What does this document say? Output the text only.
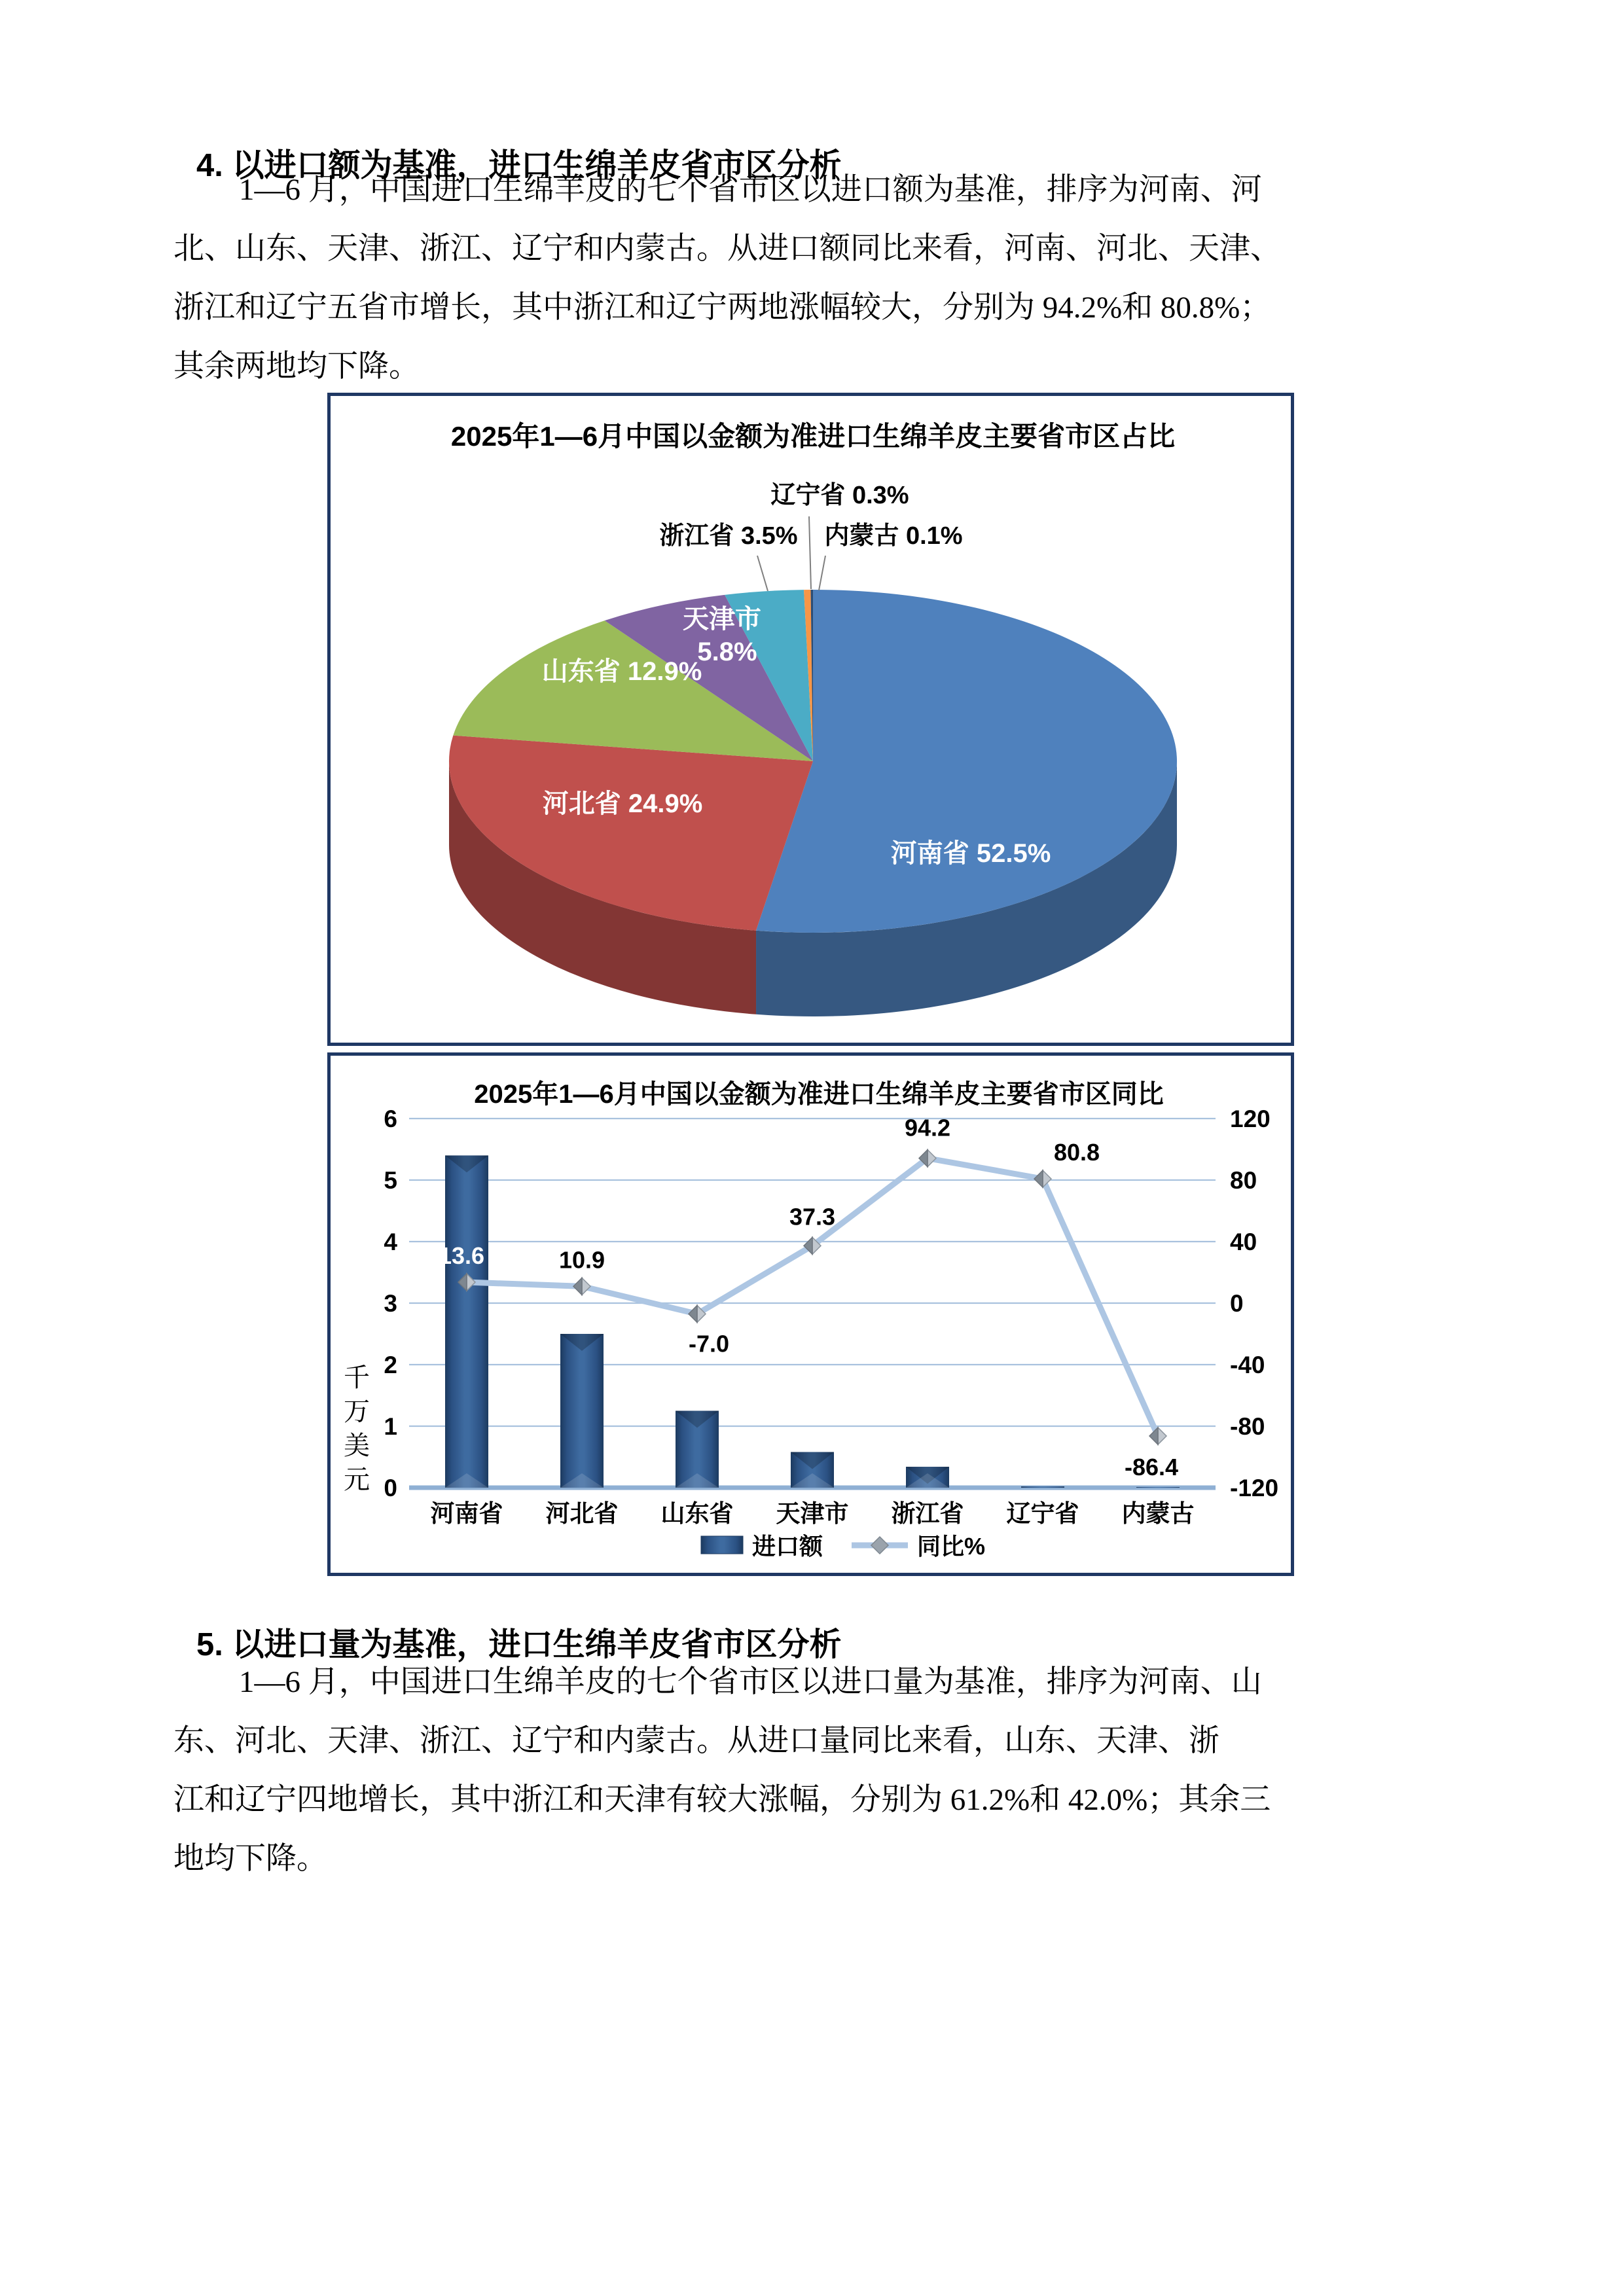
4. 以进口额为基准，进口生绵羊皮省市区分析
1—6 月，中国进口生绵羊皮的七个省市区以进口额为基准，排序为河南、河
北、山东、天津、浙江、辽宁和内蒙古。从进口额同比来看，河南、河北、天津、
浙江和辽宁五省市增长，其中浙江和辽宁两地涨幅较大，分别为 94.2%和 80.8%；
其余两地均下降。
2025年1—6月中国以金额为准进口生绵羊皮主要省市区占比
河南省 52.5%
河北省 24.9%
山东省 12.9%
天津市
5.8%
浙江省 3.5%
辽宁省 0.3%
内蒙古 0.1%
2025年1—6月中国以金额为准进口生绵羊皮主要省市区同比
0
1
2
3
4
5
6	120
80
40
0
-40
-80
-120
13.6	10.9
-7.0
37.3
94.2
80.8
-86.4
河南省 河北省 山东省 天津市 浙江省 辽宁省 内蒙古
千万美元
进口额	同比%
5. 以进口量为基准，进口生绵羊皮省市区分析
1—6 月，中国进口生绵羊皮的七个省市区以进口量为基准，排序为河南、山
东、河北、天津、浙江、辽宁和内蒙古。从进口量同比来看，山东、天津、浙
江和辽宁四地增长，其中浙江和天津有较大涨幅，分别为 61.2%和 42.0%；其余三
地均下降。
